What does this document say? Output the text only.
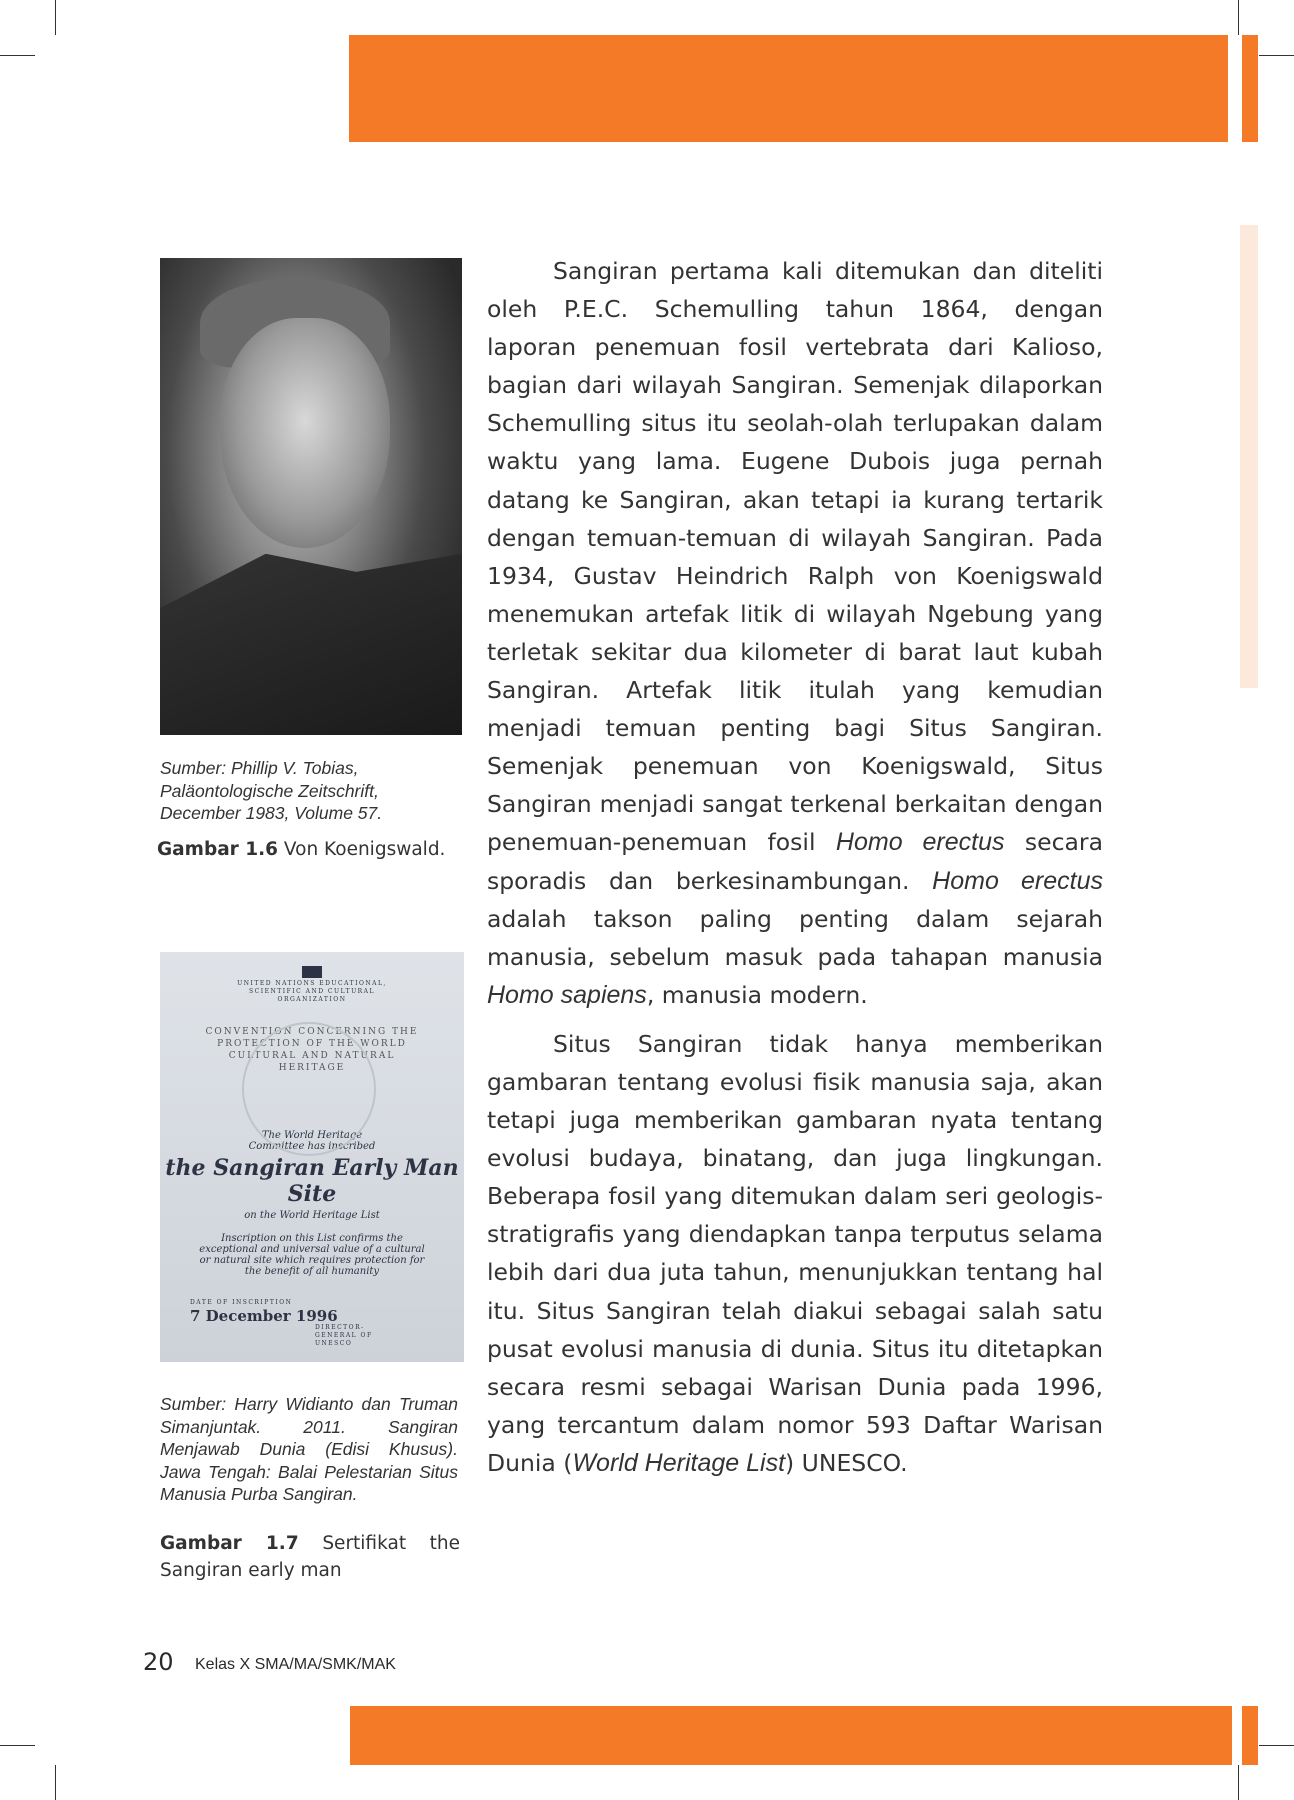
Sumber: Phillip V. Tobias, Paläontologische Zeitschrift, December 1983, Volume 57.
Gambar 1.6 Von Koenigswald.
UNITED NATIONS EDUCATIONAL, SCIENTIFIC AND CULTURAL ORGANIZATION
CONVENTION CONCERNING THE PROTECTION OF THE WORLD CULTURAL AND NATURAL HERITAGE
The World Heritage Committee has inscribed
the Sangiran Early Man Site
on the World Heritage List
Inscription on this List confirms the exceptional and universal value of a cultural or natural site which requires protection for the benefit of all humanity
DATE OF INSCRIPTION
7 December 1996
DIRECTOR-GENERAL OF UNESCO
Sumber: Harry Widianto dan Truman Simanjuntak. 2011. Sangiran Menjawab Dunia (Edisi Khusus). Jawa Tengah: Balai Pelestarian Situs Manusia Purba Sangiran.
Gambar 1.7 Sertifikat the Sangiran early man

Sangiran pertama kali ditemukan dan diteliti oleh P.E.C. Schemulling tahun 1864, dengan laporan penemuan fosil vertebrata dari Kalioso, bagian dari wilayah Sangiran. Semenjak dilaporkan Schemulling situs itu seolah-olah terlupakan dalam waktu yang lama. Eugene Dubois juga pernah datang ke Sangiran, akan tetapi ia kurang tertarik dengan temuan-temuan di wilayah Sangiran. Pada 1934, Gustav Heindrich Ralph von Koenigswald menemukan artefak litik di wilayah Ngebung yang terletak sekitar dua kilometer di barat laut kubah Sangiran. Artefak litik itulah yang kemudian menjadi temuan penting bagi Situs Sangiran. Semenjak penemuan von Koenigswald, Situs Sangiran menjadi sangat terkenal berkaitan dengan penemuan-penemuan fosil Homo erectus secara sporadis dan berkesinambungan. Homo erectus adalah takson paling penting dalam sejarah manusia, sebelum masuk pada tahapan manusia Homo sapiens, manusia modern.

Situs Sangiran tidak hanya memberikan gambaran tentang evolusi fisik manusia saja, akan tetapi juga memberikan gambaran nyata tentang evolusi budaya, binatang, dan juga lingkungan. Beberapa fosil yang ditemukan dalam seri geologis-stratigrafis yang diendapkan tanpa terputus selama lebih dari dua juta tahun, menunjukkan tentang hal itu. Situs Sangiran telah diakui sebagai salah satu pusat evolusi manusia di dunia. Situs itu ditetapkan secara resmi sebagai Warisan Dunia pada 1996, yang tercantum dalam nomor 593 Daftar Warisan Dunia (World Heritage List) UNESCO.

20 Kelas X SMA/MA/SMK/MAK
